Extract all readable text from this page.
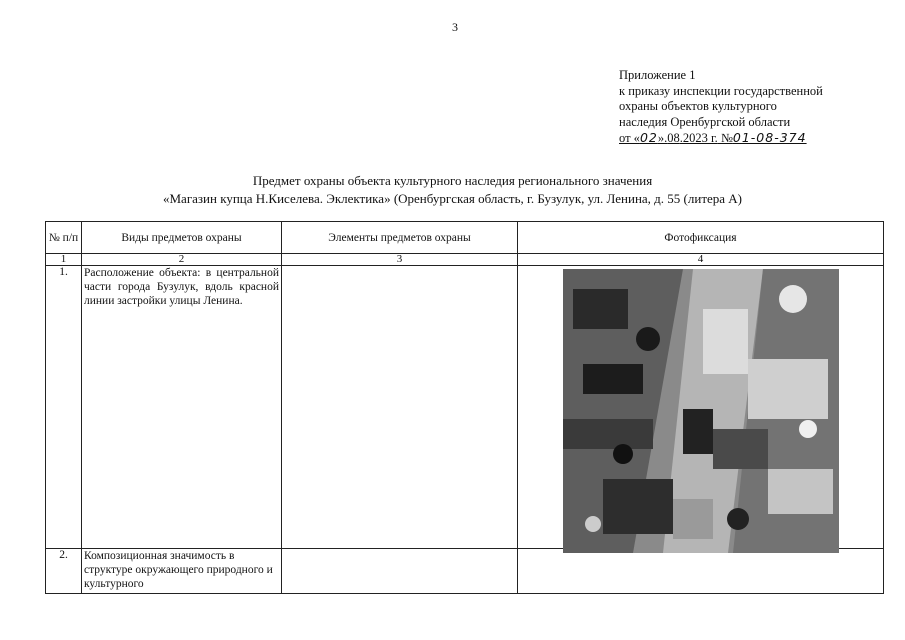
3
Приложение 1
к приказу инспекции государственной
охраны объектов культурного
наследия Оренбургской области
от «02».08.2023 г. №01-08-374
Предмет охраны объекта культурного наследия регионального значения
«Магазин купца Н.Киселева. Эклектика» (Оренбургская область, г. Бузулук, ул. Ленина, д. 55 (литера А)
№ п/п	Виды предметов охраны	Элементы предметов охраны	Фотофиксация
1	2	3	4
1.	Расположение объекта: в центральной части города Бузулук, вдоль красной линии застройки улицы Ленина.		

2.	Композиционная значимость в структуре окружающего природного и культурного		
